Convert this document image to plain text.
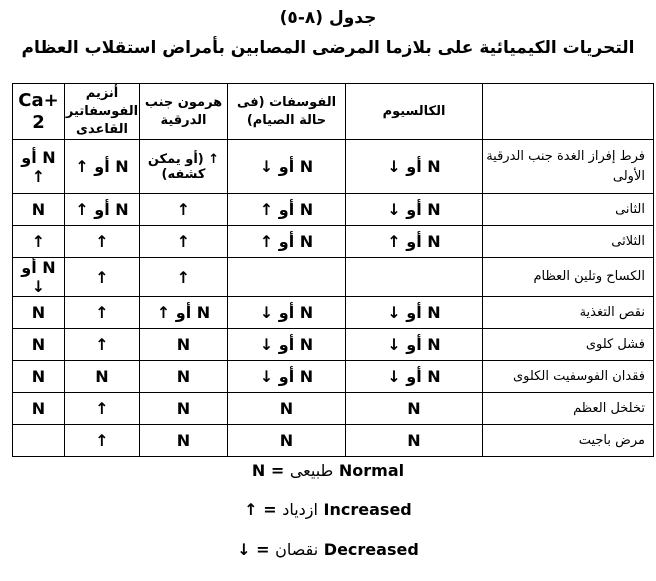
جدول (٨-٥)
التحريات الكيميائية على بلازما المرضى المصابين بأمراض استقلاب العظام
	الكالسيوم	الفوسفات (فى حالة الصيام)	هرمون جنب الدرقية	أنزيم الفوسفاتير القاعدى	Ca+ 2
فرط إفراز الغدة جنب الدرقية الأولى	N أو ↓	N أو ↓	↑ (أو يمكن كشفه)	N أو ↑	N أو ↑
الثانى	N أو ↓	N أو ↑	↑	N أو ↑	N
الثلاثى	N أو ↑	N أو ↑	↑	↑	↑
الكساح وتلين العظام			↑	↑	N أو ↓
نقص التغذية	N أو ↓	N أو ↓	N أو ↑	↑	N
فشل كلوى	N أو ↓	N أو ↓	N	↑	N
فقدان الفوسفيت الكلوى	N أو ↓	N أو ↓	N	N	N
تخلخل العظم	N	N	N	↑	N
مرض باجيت	N	N	N	↑	
N = طبيعى Normal
↑ = ازدياد Increased
↓ = نقصان Decreased
